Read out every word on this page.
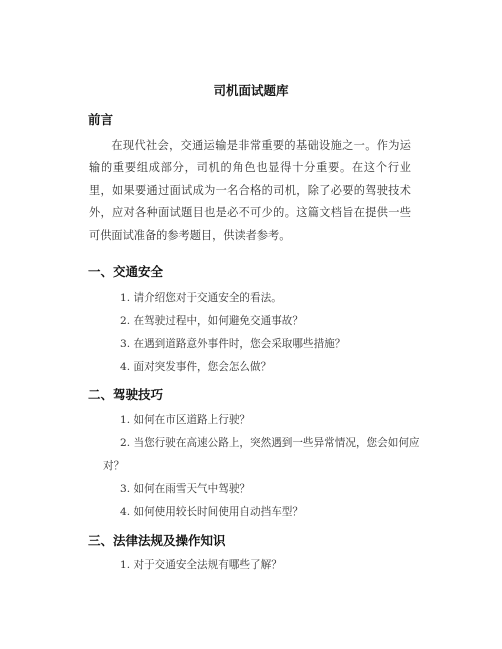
司机面试题库
前言

在现代社会，交通运输是非常重要的基础设施之一。作为运输的重要组成部分，司机的角色也显得十分重要。在这个行业里，如果要通过面试成为一名合格的司机，除了必要的驾驶技术外，应对各种面试题目也是必不可少的。这篇文档旨在提供一些可供面试准备的参考题目，供读者参考。

一、交通安全
1. 请介绍您对于交通安全的看法。
2. 在驾驶过程中，如何避免交通事故？
3. 在遇到道路意外事件时，您会采取哪些措施？
4. 面对突发事件，您会怎么做？
二、驾驶技巧
1. 如何在市区道路上行驶？

2. 当您行驶在高速公路上，突然遇到一些异常情况，您会如何应对？

3. 如何在雨雪天气中驾驶？
4. 如何使用较长时间使用自动挡车型？
三、法律法规及操作知识
1. 对于交通安全法规有哪些了解？
